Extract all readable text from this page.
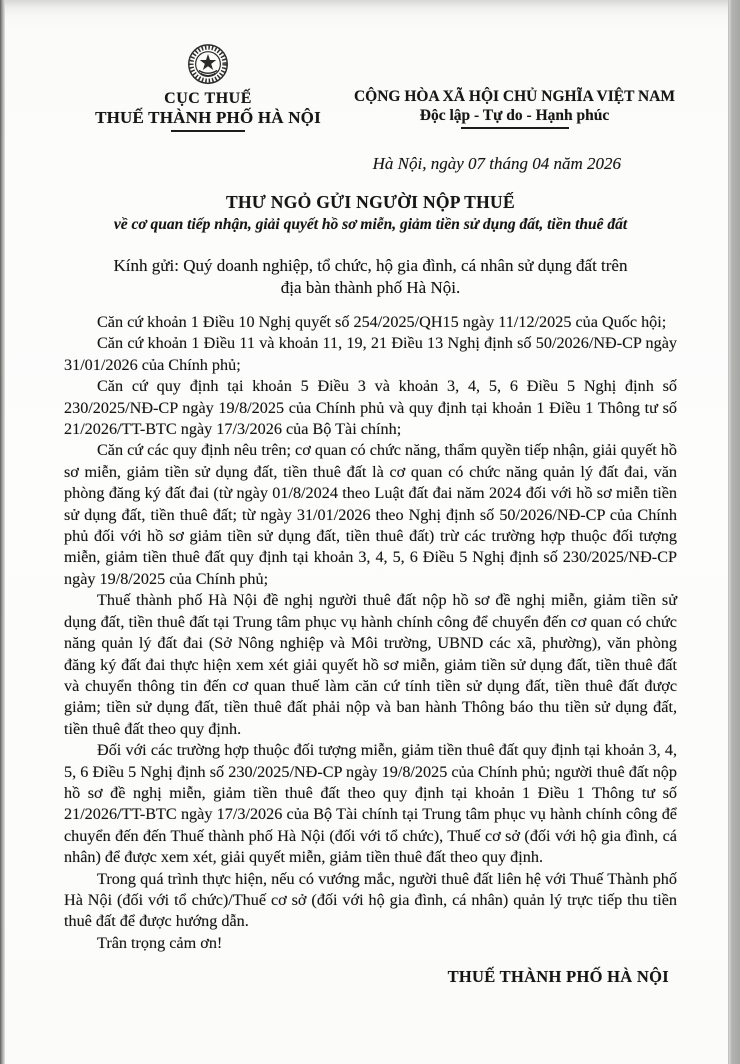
CỤC THUẾ
THUẾ THÀNH PHỐ HÀ NỘI
CỘNG HÒA XÃ HỘI CHỦ NGHĨA VIỆT NAM
Độc lập - Tự do - Hạnh phúc
Hà Nội, ngày 07 tháng 04 năm 2026
THƯ NGỎ GỬI NGƯỜI NỘP THUẾ
về cơ quan tiếp nhận, giải quyết hồ sơ miễn, giảm tiền sử dụng đất, tiền thuê đất
Kính gửi: Quý doanh nghiệp, tổ chức, hộ gia đình, cá nhân sử dụng đất trên
địa bàn thành phố Hà Nội.

Căn cứ khoản 1 Điều 10 Nghị quyết số 254/2025/QH15 ngày 11/12/2025 của Quốc hội;

Căn cứ khoản 1 Điều 11 và khoản 11, 19, 21 Điều 13 Nghị định số 50/2026/NĐ-CP ngày 31/01/2026 của Chính phủ;

Căn cứ quy định tại khoản 5 Điều 3 và khoản 3, 4, 5, 6 Điều 5 Nghị định số 230/2025/NĐ-CP ngày 19/8/2025 của Chính phủ và quy định tại khoản 1 Điều 1 Thông tư số 21/2026/TT-BTC ngày 17/3/2026 của Bộ Tài chính;

Căn cứ các quy định nêu trên; cơ quan có chức năng, thẩm quyền tiếp nhận, giải quyết hồ sơ miễn, giảm tiền sử dụng đất, tiền thuê đất là cơ quan có chức năng quản lý đất đai, văn phòng đăng ký đất đai (từ ngày 01/8/2024 theo Luật đất đai năm 2024 đối với hồ sơ miễn tiền sử dụng đất, tiền thuê đất; từ ngày 31/01/2026 theo Nghị định số 50/2026/NĐ-CP của Chính phủ đối với hồ sơ giảm tiền sử dụng đất, tiền thuê đất) trừ các trường hợp thuộc đối tượng miễn, giảm tiền thuê đất quy định tại khoản 3, 4, 5, 6 Điều 5 Nghị định số 230/2025/NĐ-CP ngày 19/8/2025 của Chính phủ;

Thuế thành phố Hà Nội đề nghị người thuê đất nộp hồ sơ đề nghị miễn, giảm tiền sử dụng đất, tiền thuê đất tại Trung tâm phục vụ hành chính công để chuyển đến cơ quan có chức năng quản lý đất đai (Sở Nông nghiệp và Môi trường, UBND các xã, phường), văn phòng đăng ký đất đai thực hiện xem xét giải quyết hồ sơ miễn, giảm tiền sử dụng đất, tiền thuê đất và chuyển thông tin đến cơ quan thuế làm căn cứ tính tiền sử dụng đất, tiền thuê đất được giảm; tiền sử dụng đất, tiền thuê đất phải nộp và ban hành Thông báo thu tiền sử dụng đất, tiền thuê đất theo quy định.

Đối với các trường hợp thuộc đối tượng miễn, giảm tiền thuê đất quy định tại khoản 3, 4, 5, 6 Điều 5 Nghị định số 230/2025/NĐ-CP ngày 19/8/2025 của Chính phủ; người thuê đất nộp hồ sơ đề nghị miễn, giảm tiền thuê đất theo quy định tại khoản 1 Điều 1 Thông tư số 21/2026/TT-BTC ngày 17/3/2026 của Bộ Tài chính tại Trung tâm phục vụ hành chính công để chuyển đến đến Thuế thành phố Hà Nội (đối với tổ chức), Thuế cơ sở (đối với hộ gia đình, cá nhân) để được xem xét, giải quyết miễn, giảm tiền thuê đất theo quy định.

Trong quá trình thực hiện, nếu có vướng mắc, người thuê đất liên hệ với Thuế Thành phố Hà Nội (đối với tổ chức)/Thuế cơ sở (đối với hộ gia đình, cá nhân) quản lý trực tiếp thu tiền thuê đất để được hướng dẫn.

Trân trọng cảm ơn!

THUẾ THÀNH PHỐ HÀ NỘI
